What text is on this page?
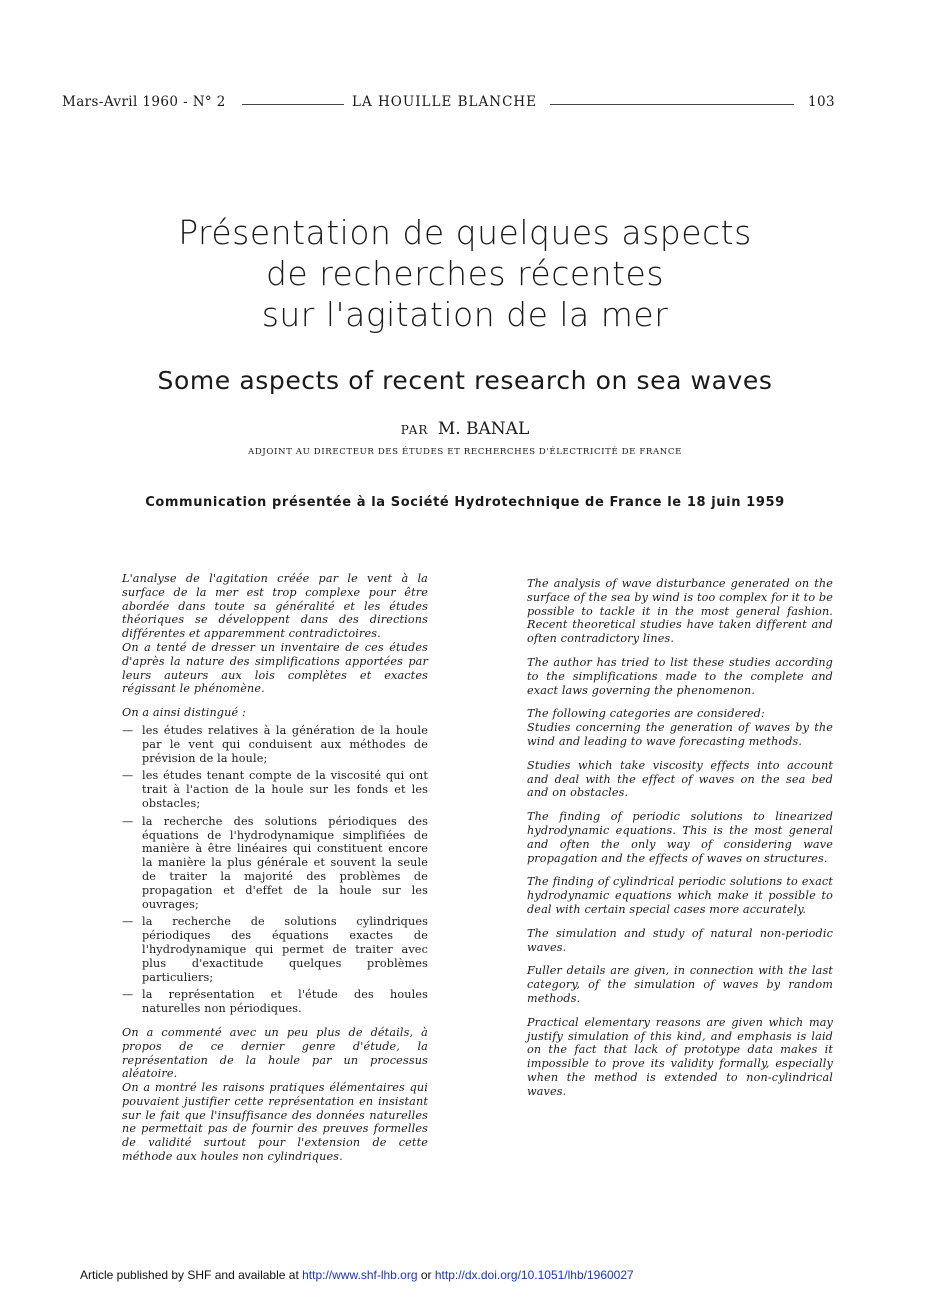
Mars-Avril 1960 - N° 2	LA HOUILLE BLANCHE	103
Présentation de quelques aspects
de recherches récentes
sur l'agitation de la mer
Some aspects of recent research on sea waves
PAR M. BANAL
ADJOINT AU DIRECTEUR DES ÉTUDES ET RECHERCHES D'ÉLECTRICITÉ DE FRANCE
Communication présentée à la Société Hydrotechnique de France le 18 juin 1959

L'analyse de l'agitation créée par le vent à la surface de la mer est trop complexe pour être abordée dans toute sa généralité et les études théoriques se développent dans des directions différentes et apparemment contradictoires.

On a tenté de dresser un inventaire de ces études d'après la nature des simplifications apportées par leurs auteurs aux lois complètes et exactes régissant le phénomène.

On a ainsi distingué :

— les études relatives à la génération de la houle par le vent qui conduisent aux méthodes de prévision de la houle;
— les études tenant compte de la viscosité qui ont trait à l'action de la houle sur les fonds et les obstacles;
— la recherche des solutions périodiques des équations de l'hydrodynamique simplifiées de manière à être linéaires qui constituent encore la manière la plus générale et souvent la seule de traiter la majorité des problèmes de propagation et d'effet de la houle sur les ouvrages;
— la recherche de solutions cylindriques périodiques des équations exactes de l'hydrodynamique qui permet de traiter avec plus d'exactitude quelques problèmes particuliers;
— la représentation et l'étude des houles naturelles non périodiques.

On a commenté avec un peu plus de détails, à propos de ce dernier genre d'étude, la représentation de la houle par un processus aléatoire.

On a montré les raisons pratiques élémentaires qui pouvaient justifier cette représentation en insistant sur le fait que l'insuffisance des données naturelles ne permettait pas de fournir des preuves formelles de validité surtout pour l'extension de cette méthode aux houles non cylindriques.

The analysis of wave disturbance generated on the surface of the sea by wind is too complex for it to be possible to tackle it in the most general fashion. Recent theoretical studies have taken different and often contradictory lines.

The author has tried to list these studies according to the simplifications made to the complete and exact laws governing the phenomenon.

The following categories are considered:

Studies concerning the generation of waves by the wind and leading to wave forecasting methods.

Studies which take viscosity effects into account and deal with the effect of waves on the sea bed and on obstacles.

The finding of periodic solutions to linearized hydrodynamic equations. This is the most general and often the only way of considering wave propagation and the effects of waves on structures.

The finding of cylindrical periodic solutions to exact hydrodynamic equations which make it possible to deal with certain special cases more accurately.

The simulation and study of natural non-periodic waves.

Fuller details are given, in connection with the last category, of the simulation of waves by random methods.

Practical elementary reasons are given which may justify simulation of this kind, and emphasis is laid on the fact that lack of prototype data makes it impossible to prove its validity formally, especially when the method is extended to non-cylindrical waves.

Article published by SHF and available at http://www.shf-lhb.org or http://dx.doi.org/10.1051/lhb/1960027
